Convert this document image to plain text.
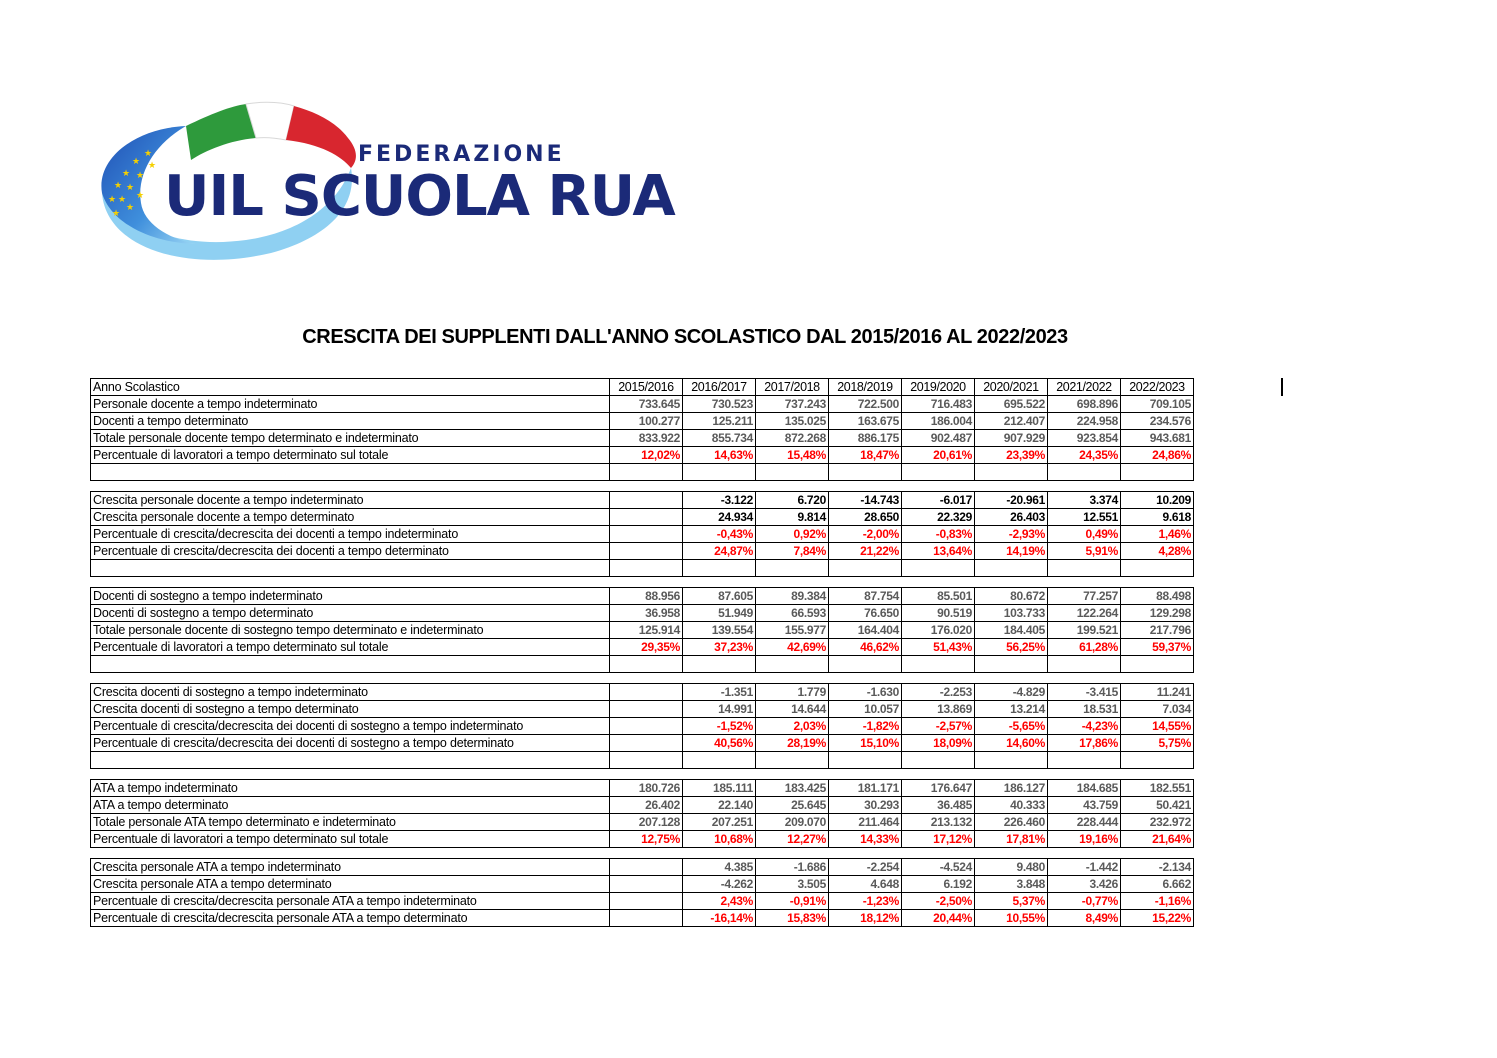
★
★
★
★
★
★
★
★
★
★
★
★
FEDERAZIONE
UIL SCUOLA RUA
CRESCITA DEI SUPPLENTI DALL'ANNO SCOLASTICO DAL 2015/2016 AL 2022/2023
Anno Scolastico	2015/2016	2016/2017	2017/2018	2018/2019	2019/2020	2020/2021	2021/2022	2022/2023
Personale docente a tempo indeterminato	733.645	730.523	737.243	722.500	716.483	695.522	698.896	709.105
Docenti a tempo determinato	100.277	125.211	135.025	163.675	186.004	212.407	224.958	234.576
Totale personale docente tempo determinato e indeterminato	833.922	855.734	872.268	886.175	902.487	907.929	923.854	943.681
Percentuale di lavoratori a tempo determinato sul totale	12,02%	14,63%	15,48%	18,47%	20,61%	23,39%	24,35%	24,86%

Crescita personale docente a tempo indeterminato		-3.122	6.720	-14.743	-6.017	-20.961	3.374	10.209
Crescita personale docente a tempo determinato		24.934	9.814	28.650	22.329	26.403	12.551	9.618
Percentuale di crescita/decrescita dei docenti a tempo indeterminato		-0,43%	0,92%	-2,00%	-0,83%	-2,93%	0,49%	1,46%
Percentuale di crescita/decrescita dei docenti a tempo determinato		24,87%	7,84%	21,22%	13,64%	14,19%	5,91%	4,28%

Docenti di sostegno a tempo indeterminato	88.956	87.605	89.384	87.754	85.501	80.672	77.257	88.498
Docenti di sostegno a tempo determinato	36.958	51.949	66.593	76.650	90.519	103.733	122.264	129.298
Totale personale docente di sostegno tempo determinato e indeterminato	125.914	139.554	155.977	164.404	176.020	184.405	199.521	217.796
Percentuale di lavoratori a tempo determinato sul totale	29,35%	37,23%	42,69%	46,62%	51,43%	56,25%	61,28%	59,37%

Crescita docenti di sostegno a tempo indeterminato		-1.351	1.779	-1.630	-2.253	-4.829	-3.415	11.241
Crescita docenti di sostegno a tempo determinato		14.991	14.644	10.057	13.869	13.214	18.531	7.034
Percentuale di crescita/decrescita dei docenti di sostegno a tempo indeterminato		-1,52%	2,03%	-1,82%	-2,57%	-5,65%	-4,23%	14,55%
Percentuale di crescita/decrescita dei docenti di sostegno a tempo determinato		40,56%	28,19%	15,10%	18,09%	14,60%	17,86%	5,75%

ATA a tempo indeterminato	180.726	185.111	183.425	181.171	176.647	186.127	184.685	182.551
ATA a tempo determinato	26.402	22.140	25.645	30.293	36.485	40.333	43.759	50.421
Totale personale ATA tempo determinato e indeterminato	207.128	207.251	209.070	211.464	213.132	226.460	228.444	232.972
Percentuale di lavoratori a tempo determinato sul totale	12,75%	10,68%	12,27%	14,33%	17,12%	17,81%	19,16%	21,64%

Crescita personale ATA a tempo indeterminato		4.385	-1.686	-2.254	-4.524	9.480	-1.442	-2.134
Crescita personale ATA a tempo determinato		-4.262	3.505	4.648	6.192	3.848	3.426	6.662
Percentuale di crescita/decrescita personale ATA a tempo indeterminato		2,43%	-0,91%	-1,23%	-2,50%	5,37%	-0,77%	-1,16%
Percentuale di crescita/decrescita personale ATA a tempo determinato		-16,14%	15,83%	18,12%	20,44%	10,55%	8,49%	15,22%
